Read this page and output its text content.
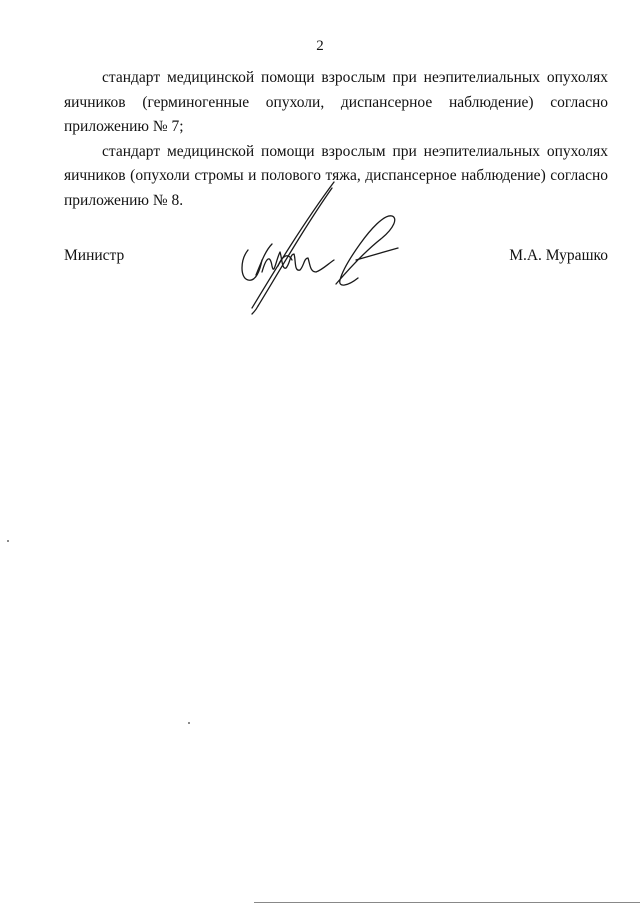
2

стандарт медицинской помощи взрослым при неэпителиальных опухолях яичников (герминогенные опухоли, диспансерное наблюдение) согласно приложению № 7;

стандарт медицинской помощи взрослым при неэпителиальных опухолях яичников (опухоли стромы и полового тяжа, диспансерное наблюдение) согласно приложению № 8.

Министр	М.А. Мурашко
